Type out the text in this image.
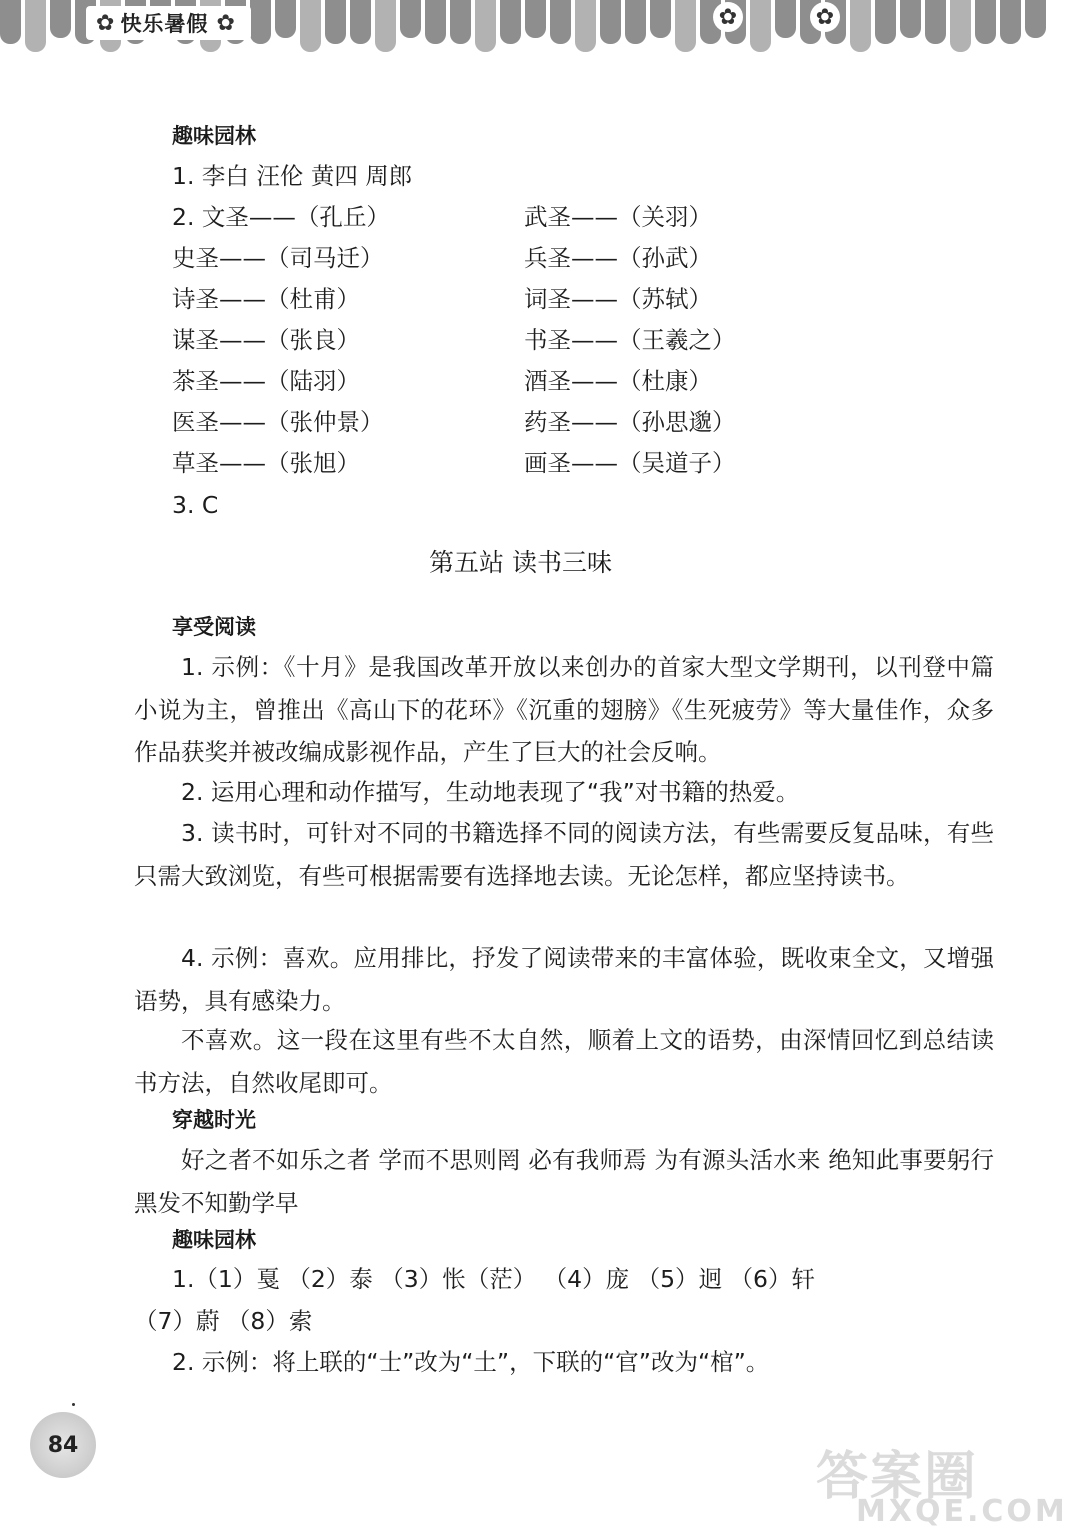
✿ 快乐暑假 ✿	✿	✿
趣味园林
1. 李白 汪伦 黄四 周郎
2. 文圣——（孔丘）
史圣——（司马迁）
诗圣——（杜甫）
谋圣——（张良）
茶圣——（陆羽）
医圣——（张仲景）
草圣——（张旭）
武圣——（关羽）
兵圣——（孙武）
词圣——（苏轼）
书圣——（王羲之）
酒圣——（杜康）
药圣——（孙思邈）
画圣——（吴道子）
3. C
第五站 读书三味
享受阅读
1. 示例：《十月》是我国改革开放以来创办的首家大型文学期刊，以刊登中篇小说为主，曾推出《高山下的花环》《沉重的翅膀》《生死疲劳》等大量佳作，众多作品获奖并被改编成影视作品，产生了巨大的社会反响。
2. 运用心理和动作描写，生动地表现了“我”对书籍的热爱。
3. 读书时，可针对不同的书籍选择不同的阅读方法，有些需要反复品味，有些只需大致浏览，有些可根据需要有选择地去读。无论怎样，都应坚持读书。
4. 示例：喜欢。应用排比，抒发了阅读带来的丰富体验，既收束全文，又增强语势，具有感染力。
不喜欢。这一段在这里有些不太自然，顺着上文的语势，由深情回忆到总结读书方法，自然收尾即可。
穿越时光
好之者不如乐之者 学而不思则罔 必有我师焉 为有源头活水来 绝知此事要躬行 黑发不知勤学早
趣味园林
1.（1）戛 （2）泰 （3）怅（茫） （4）庞 （5）迥 （6）轩
（7）蔚 （8）索
2. 示例：将上联的“士”改为“土”，下联的“官”改为“棺”。
84
答案圈
MXQE.COM
